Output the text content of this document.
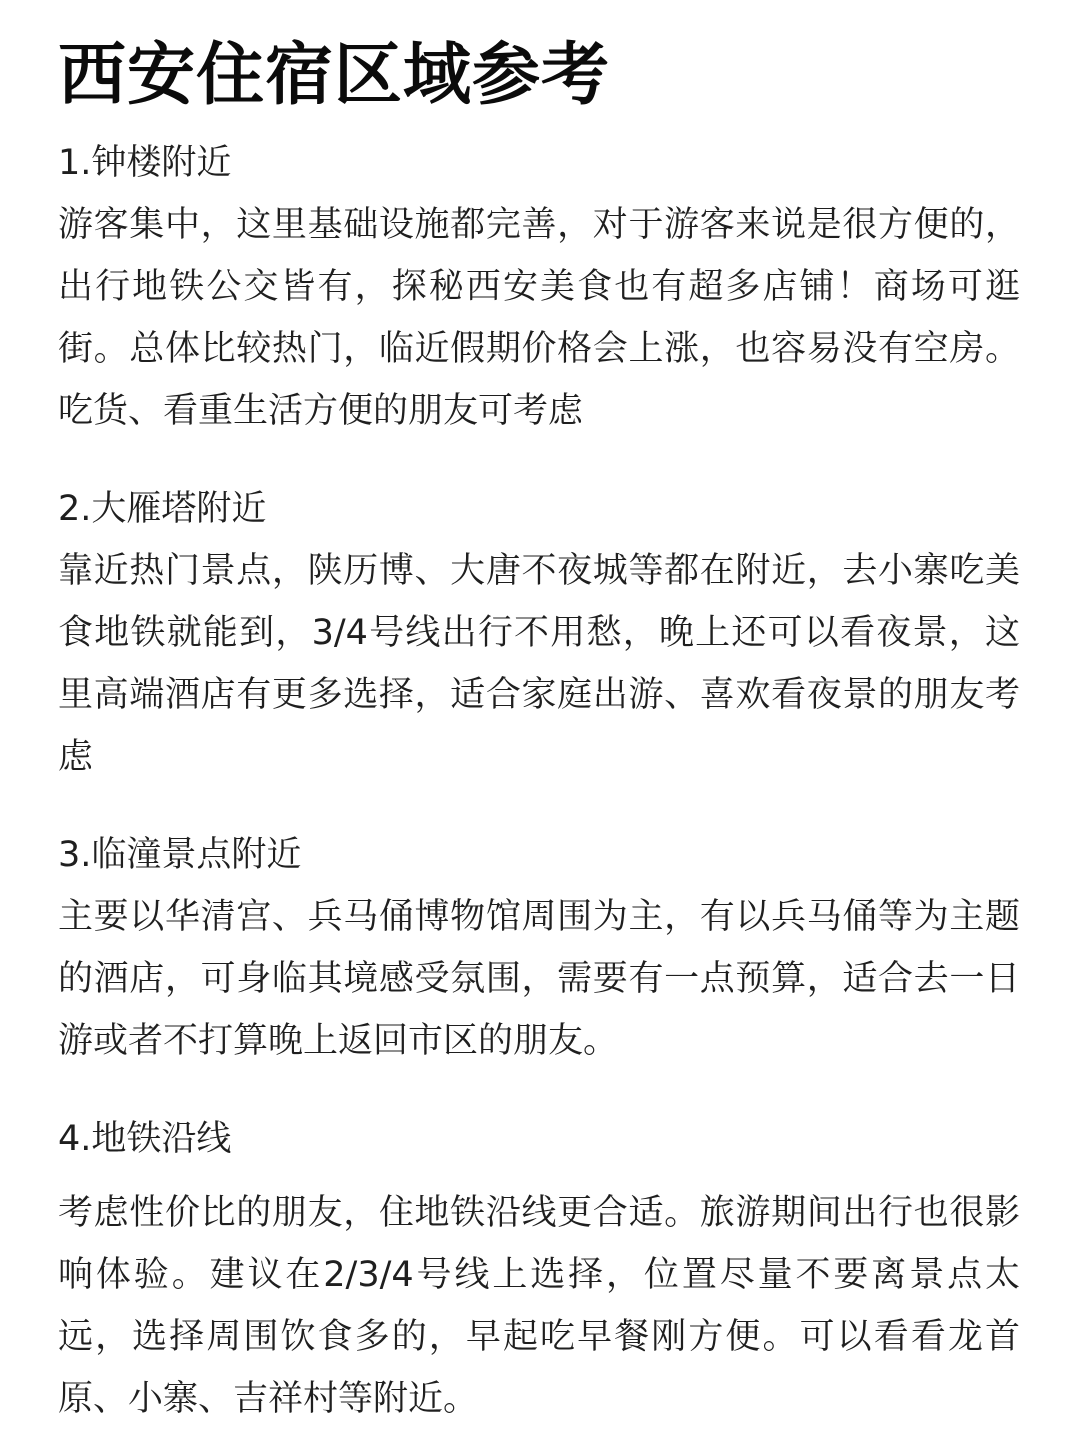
西安住宿区域参考

1.钟楼附近

游客集中，这里基础设施都完善，对于游客来说是很方便的，出行地铁公交皆有，探秘西安美食也有超多店铺！商场可逛街。总体比较热门，临近假期价格会上涨，也容易没有空房。吃货、看重生活方便的朋友可考虑

2.大雁塔附近

靠近热门景点，陕历博、大唐不夜城等都在附近，去小寨吃美食地铁就能到，3/4号线出行不用愁，晚上还可以看夜景，这里高端酒店有更多选择，适合家庭出游、喜欢看夜景的朋友考虑

3.临潼景点附近

主要以华清宫、兵马俑博物馆周围为主，有以兵马俑等为主题的酒店，可身临其境感受氛围，需要有一点预算，适合去一日游或者不打算晚上返回市区的朋友。

4.地铁沿线

考虑性价比的朋友，住地铁沿线更合适。旅游期间出行也很影响体验。建议在2/3/4号线上选择，位置尽量不要离景点太远，选择周围饮食多的，早起吃早餐刚方便。可以看看龙首原、小寨、吉祥村等附近。
